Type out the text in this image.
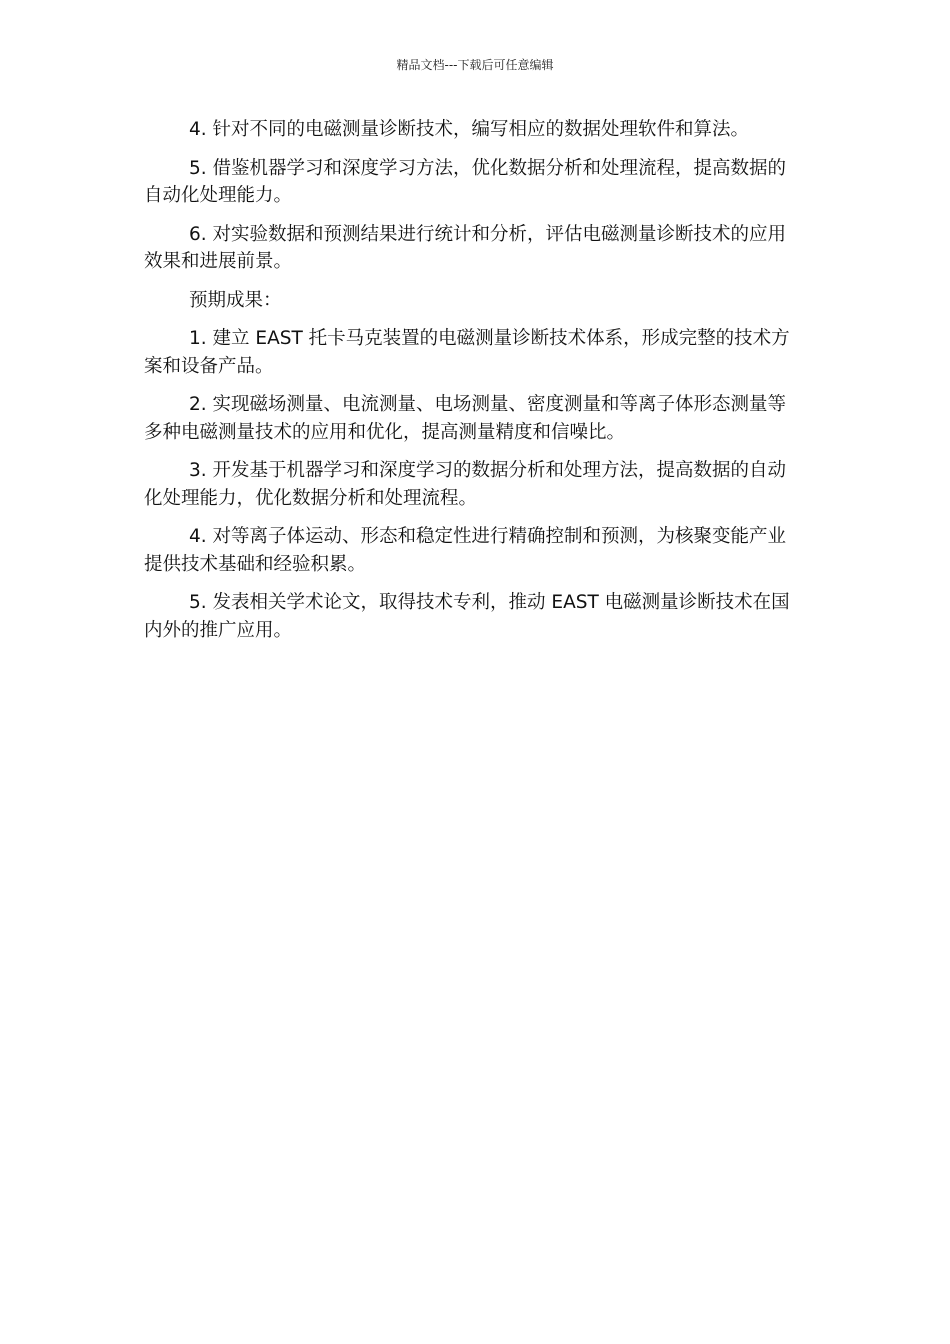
精品文档---下载后可任意编辑

4. 针对不同的电磁测量诊断技术，编写相应的数据处理软件和算法。

5. 借鉴机器学习和深度学习方法，优化数据分析和处理流程，提高数据的自动化处理能力。

6. 对实验数据和预测结果进行统计和分析，评估电磁测量诊断技术的应用效果和进展前景。

预期成果：

1. 建立 EAST 托卡马克装置的电磁测量诊断技术体系，形成完整的技术方案和设备产品。

2. 实现磁场测量、电流测量、电场测量、密度测量和等离子体形态测量等多种电磁测量技术的应用和优化，提高测量精度和信噪比。

3. 开发基于机器学习和深度学习的数据分析和处理方法，提高数据的自动化处理能力，优化数据分析和处理流程。

4. 对等离子体运动、形态和稳定性进行精确控制和预测，为核聚变能产业提供技术基础和经验积累。

5. 发表相关学术论文，取得技术专利，推动 EAST 电磁测量诊断技术在国内外的推广应用。
